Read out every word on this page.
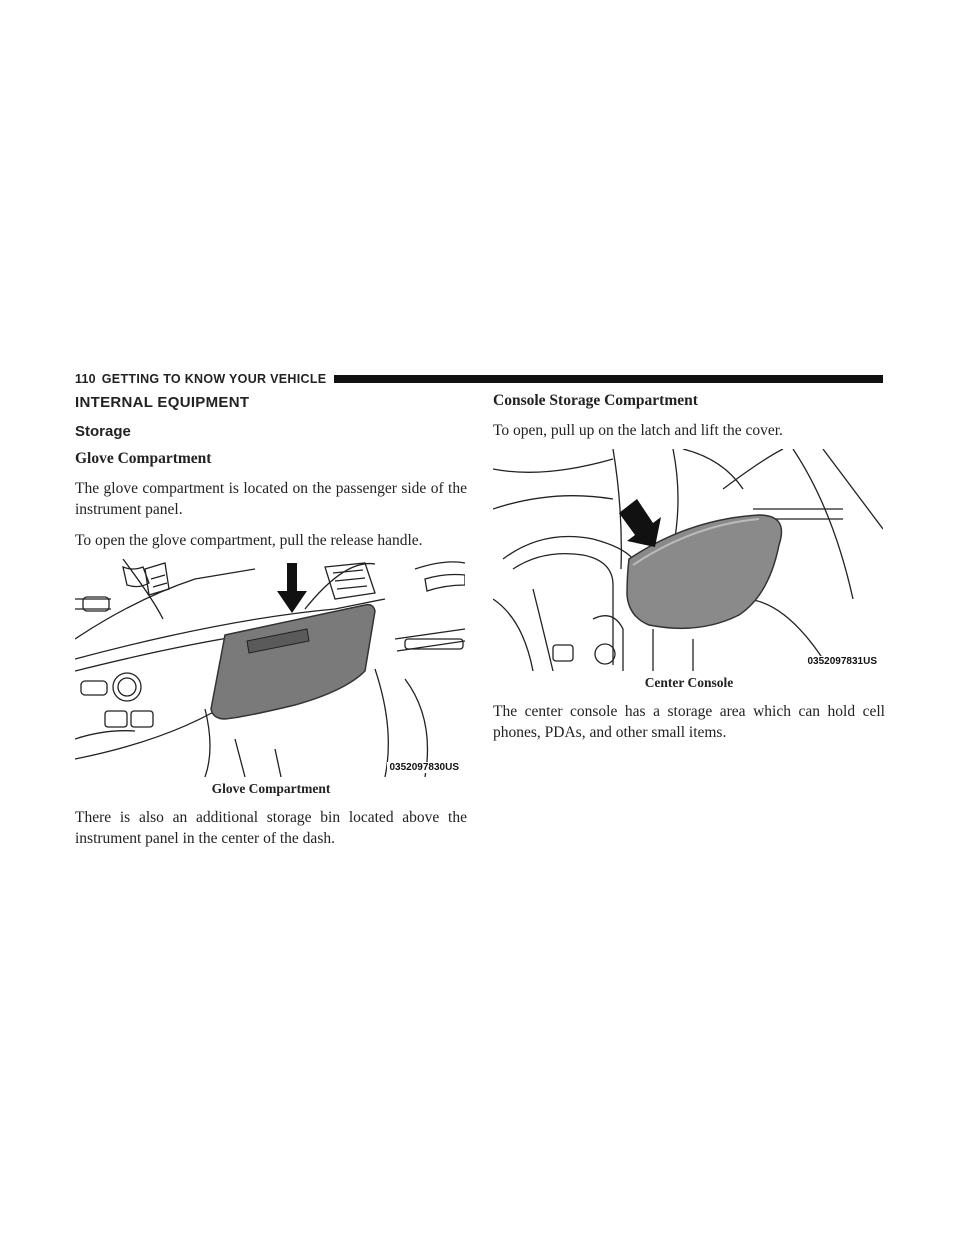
110 GETTING TO KNOW YOUR VEHICLE
INTERNAL EQUIPMENT
Storage
Glove Compartment

The glove compartment is located on the passenger side of the instrument panel.

To open the glove compartment, pull the release handle.

0352097830US
Glove Compartment

There is also an additional storage bin located above the instrument panel in the center of the dash.

Console Storage Compartment

To open, pull up on the latch and lift the cover.

0352097831US
Center Console

The center console has a storage area which can hold cell phones, PDAs, and other small items.
